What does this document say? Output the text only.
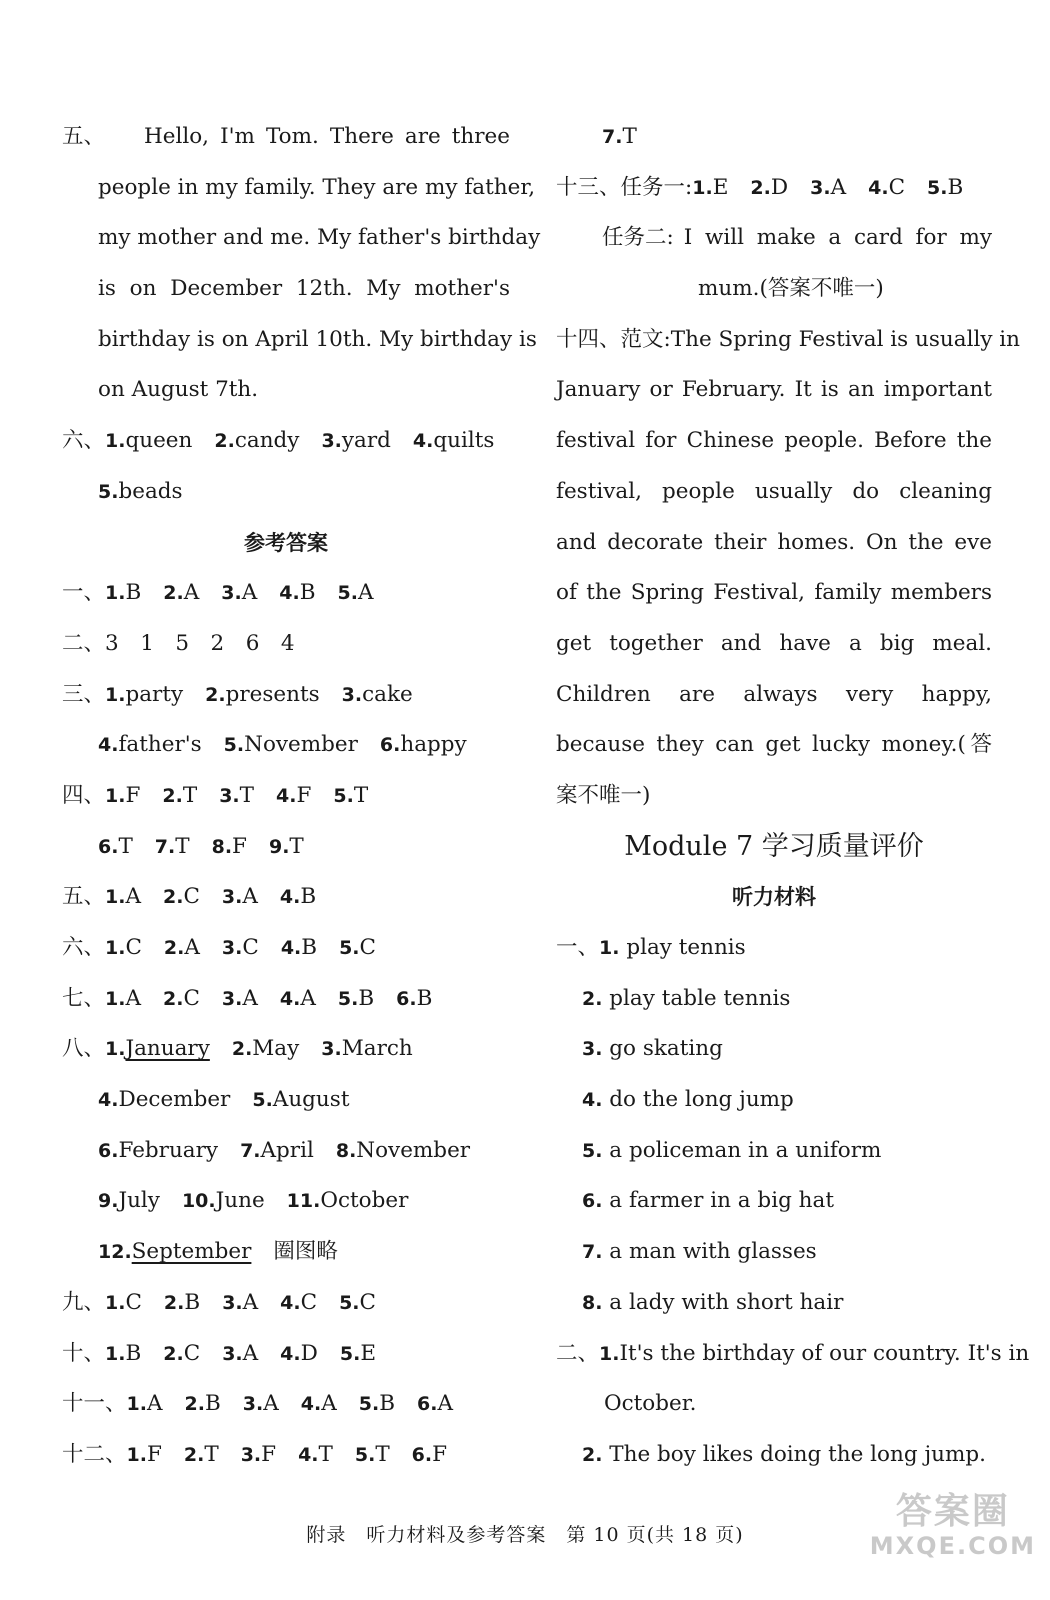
五、 Hello, I'm Tom. There are three
people in my family. They are my father,
my mother and me. My father's birthday
is on December 12th. My mother's
birthday is on April 10th. My birthday is
on August 7th.
六、1.queen 2.candy 3.yard 4.quilts
5.beads
参考答案
一、1.B 2.A 3.A 4.B 5.A
二、3　1　5　2　6　4
三、1.party 2.presents 3.cake
4.father's 5.November 6.happy
四、1.F 2.T 3.T 4.F 5.T
6.T 7.T 8.F 9.T
五、1.A 2.C 3.A 4.B
六、1.C 2.A 3.C 4.B 5.C
七、1.A 2.C 3.A 4.A 5.B 6.B
八、1.January 2.May 3.March
4.December 5.August
6.February 7.April 8.November
9.July 10.June 11.October
12.September 圈图略
九、1.C 2.B 3.A 4.C 5.C
十、1.B 2.C 3.A 4.D 5.E
十一、1.A 2.B 3.A 4.A 5.B 6.A
十二、1.F 2.T 3.F 4.T 5.T 6.F
7.T
十三、任务一:1.E 2.D 3.A 4.C 5.B
任务二: I will make a card for my
mum.(答案不唯一)
十四、范文:The Spring Festival is usually in
January or February. It is an important
festival for Chinese people. Before the
festival, people usually do cleaning
and decorate their homes. On the eve
of the Spring Festival, family members
get together and have a big meal.
Children are always very happy,
because they can get lucky money.(答
案不唯一)
Module 7 学习质量评价
听力材料
一、1. play tennis
2. play table tennis
3. go skating
4. do the long jump
5. a policeman in a uniform
6. a farmer in a big hat
7. a man with glasses
8. a lady with short hair
二、1.It's the birthday of our country. It's in
October.
2. The boy likes doing the long jump.
附录　听力材料及参考答案　第 10 页(共 18 页)
答案圈
MXQE.COM
